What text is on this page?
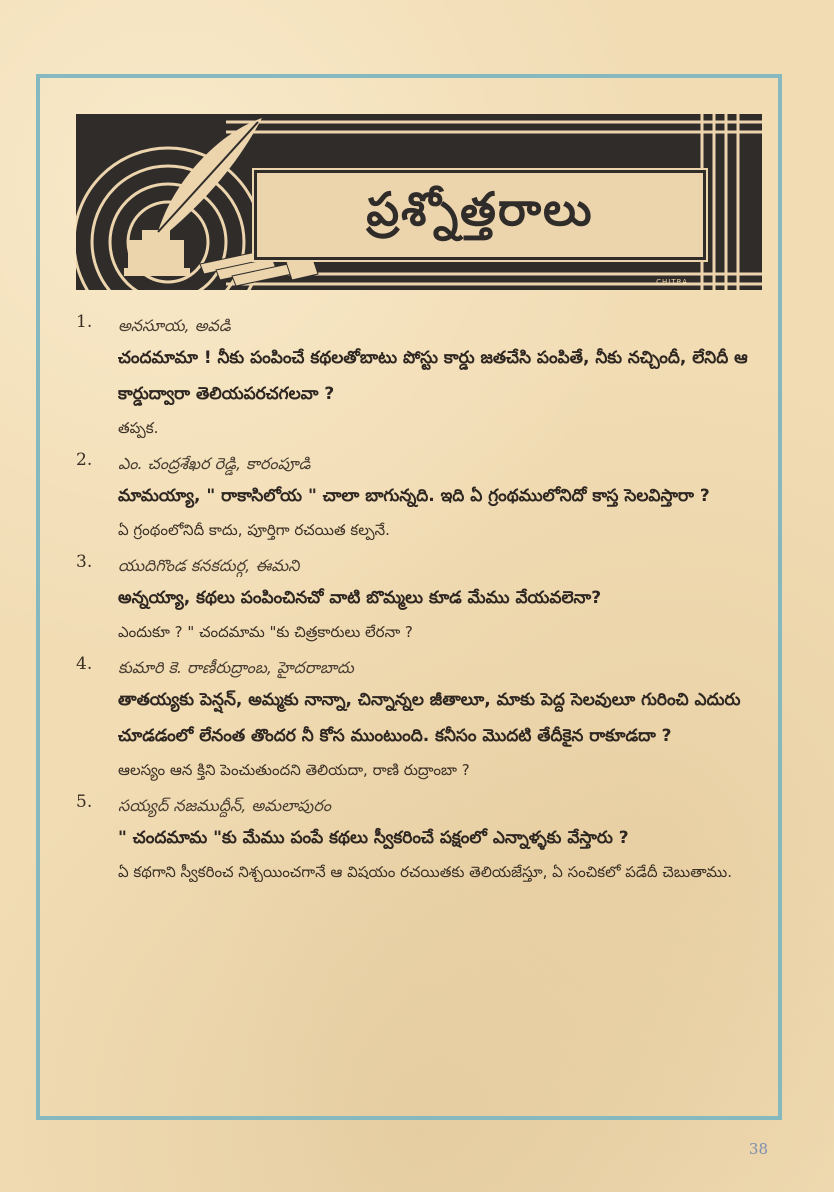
ప్రశ్నోత్తరాలు
CHITRA
1.	అనసూయ, అవడి
చందమామా ! నీకు పంపించే కథలతోబాటు పోస్టు కార్డు జతచేసి పంపితే, నీకు నచ్చిందీ, లేనిదీ ఆ కార్డుద్వారా తెలియపరచగలవా ?
తప్పక.
2.	ఎం. చంద్రశేఖర రెడ్డి, కారంపూడి
మామయ్యా, " రాకాసిలోయ " చాలా బాగున్నది. ఇది ఏ గ్రంథములోనిదో కాస్త సెలవిస్తారా ?
ఏ గ్రంథంలోనిదీ కాదు, పూర్తిగా రచయిత కల్పనే.
3.	యుదిగొండ కనకదుర్గ, ఈమని
అన్నయ్యా, కథలు పంపించినచో వాటి బొమ్మలు కూడ మేము వేయవలెనా?
ఎందుకూ ? " చందమామ "కు చిత్రకారులు లేరనా ?
4.	కుమారి కె. రాణీరుద్రాంబ, హైదరాబాదు
తాతయ్యకు పెన్షన్, అమ్మకు నాన్నా, చిన్నాన్నల జీతాలూ, మాకు పెద్ద సెలవులూ గురించి ఎదురు చూడడంలో లేనంత తొందర నీ కోస ముంటుంది. కనీసం మొదటి తేదీకైన రాకూడదా ?
ఆలస్యం ఆన క్తిని పెంచుతుందని తెలియదా, రాణి రుద్రాంబా ?
5.	సయ్యద్ నజముద్దీన్, అమలాపురం
" చందమామ "కు మేము పంపే కథలు స్వీకరించే పక్షంలో ఎన్నాళ్ళకు వేస్తారు ?
ఏ కథగాని స్వీకరించ నిశ్చయించగానే ఆ విషయం రచయితకు తెలియజేస్తూ, ఏ సంచికలో పడేదీ చెబుతాము.
38
